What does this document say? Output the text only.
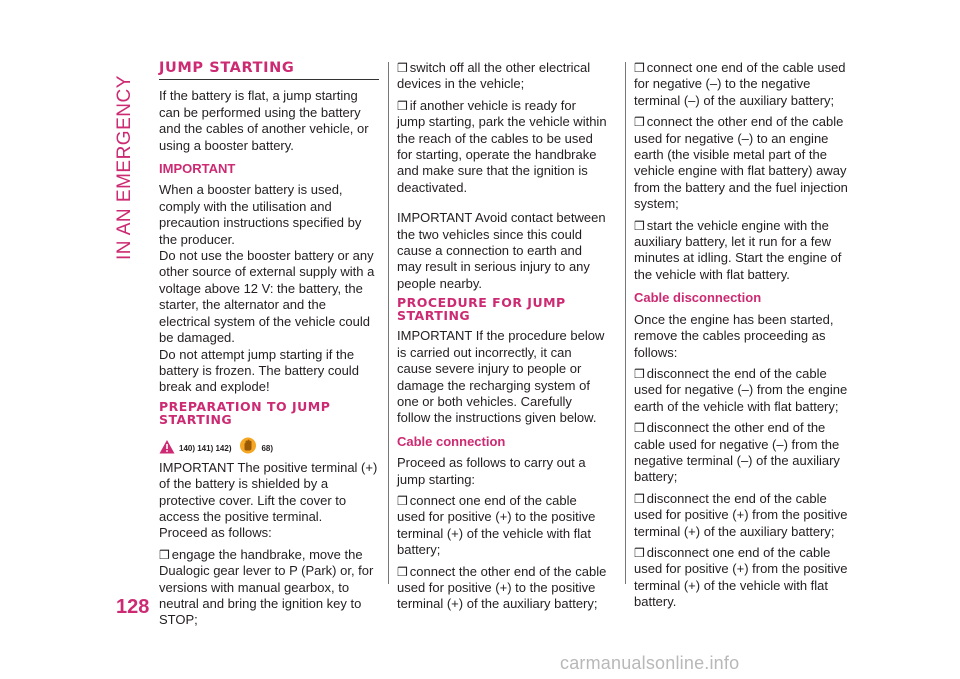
IN AN EMERGENCY
JUMP STARTING

If the battery is flat, a jump starting can be performed using the battery and the cables of another vehicle, or using a booster battery.

IMPORTANT

When a booster battery is used, comply with the utilisation and precaution instructions specified by the producer.

Do not use the booster battery or any other source of external supply with a voltage above 12 V: the battery, the starter, the alternator and the electrical system of the vehicle could be damaged.

Do not attempt jump starting if the battery is frozen. The battery could break and explode!

PREPARATION TO JUMP STARTING
140) 141) 142)	68)

IMPORTANT The positive terminal (+) of the battery is shielded by a protective cover. Lift the cover to access the positive terminal.

Proceed as follows:

❒ engage the handbrake, move the Dualogic gear lever to P (Park) or, for versions with manual gearbox, to neutral and bring the ignition key to STOP;
❒ switch off all the other electrical devices in the vehicle;
❒ if another vehicle is ready for jump starting, park the vehicle within the reach of the cables to be used for starting, operate the handbrake and make sure that the ignition is deactivated.

IMPORTANT Avoid contact between the two vehicles since this could cause a connection to earth and may result in serious injury to any people nearby.

PROCEDURE FOR JUMP STARTING

IMPORTANT If the procedure below is carried out incorrectly, it can cause severe injury to people or damage the recharging system of one or both vehicles. Carefully follow the instructions given below.

Cable connection

Proceed as follows to carry out a jump starting:

❒ connect one end of the cable used for positive (+) to the positive terminal (+) of the vehicle with flat battery;
❒ connect the other end of the cable used for positive (+) to the positive terminal (+) of the auxiliary battery;
❒ connect one end of the cable used for negative (–) to the negative terminal (–) of the auxiliary battery;
❒ connect the other end of the cable used for negative (–) to an engine earth (the visible metal part of the vehicle engine with flat battery) away from the battery and the fuel injection system;
❒ start the vehicle engine with the auxiliary battery, let it run for a few minutes at idling. Start the engine of the vehicle with flat battery.
Cable disconnection

Once the engine has been started, remove the cables proceeding as follows:

❒ disconnect the end of the cable used for negative (–) from the engine earth of the vehicle with flat battery;
❒ disconnect the other end of the cable used for negative (–) from the negative terminal (–) of the auxiliary battery;
❒ disconnect the end of the cable used for positive (+) from the positive terminal (+) of the auxiliary battery;
❒ disconnect one end of the cable used for positive (+) from the positive terminal (+) of the vehicle with flat battery.
128
carmanualsonline.info
